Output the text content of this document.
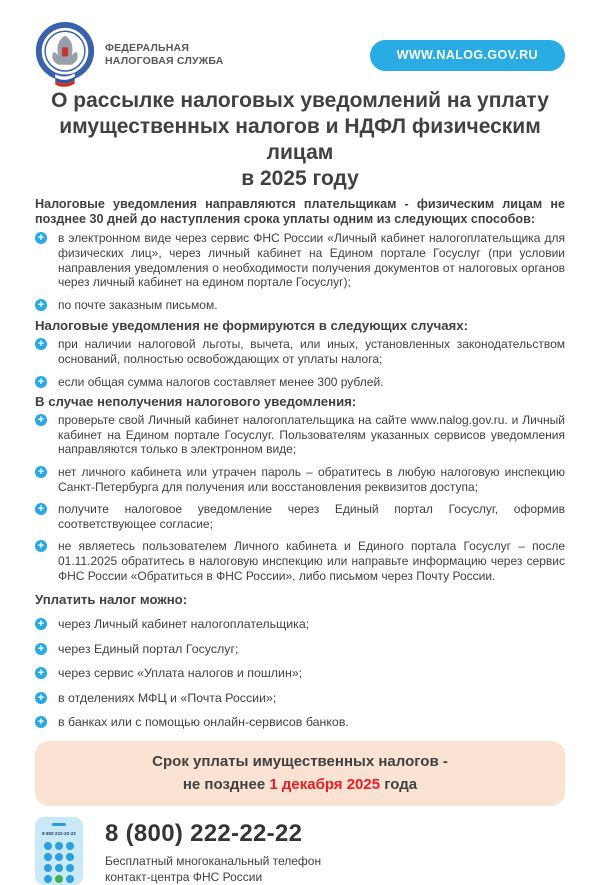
ФЕДЕРАЛЬНАЯ
НАЛОГОВАЯ СЛУЖБА	WWW.NALOG.GOV.RU
О рассылке налоговых уведомлений на уплату
имущественных налогов и НДФЛ физическим лицам
в 2025 году

Налоговые уведомления направляются плательщикам - физическим лицам не позднее 30 дней до наступления срока уплаты одним из следующих способов:

+
в электронном виде через сервис ФНС России «Личный кабинет налогоплательщика для физических лиц», через личный кабинет на Едином портале Госуслуг (при условии направления уведомления о необходимости получения документов от налоговых органов через личный кабинет на едином портале Госуслуг);
+
по почте заказным письмом.
Налоговые уведомления не формируются в следующих случаях:
+
при наличии налоговой льготы, вычета, или иных, установленных законодательством оснований, полностью освобождающих от уплаты налога;
+
если общая сумма налогов составляет менее 300 рублей.
В случае неполучения налогового уведомления:
+
проверьте свой Личный кабинет налогоплательщика на сайте www.nalog.gov.ru. и Личный кабинет на Едином портале Госуслуг. Пользователям указанных сервисов уведомления направляются только в электронном виде;
+
нет личного кабинета или утрачен пароль – обратитесь в любую налоговую инспекцию Санкт-Петербурга для получения или восстановления реквизитов доступа;
+
получите налоговое уведомление через Единый портал Госуслуг, оформив соответствующее согласие;
+
не являетесь пользователем Личного кабинета и Единого портала Госуслуг – после 01.11.2025 обратитесь в налоговую инспекцию или направьте информацию через сервис ФНС России «Обратиться в ФНС России», либо письмом через Почту России.
Уплатить налог можно:
+
через Личный кабинет налогоплательщика;
+
через Единый портал Госуслуг;
+
через сервис «Уплата налогов и пошлин»;
+
в отделениях МФЦ и «Почта России»;
+
в банках или с помощью онлайн-сервисов банков.
Срок уплаты имущественных налогов -
не позднее 1 декабря 2025 года
8 800 222-22-22 8 (800) 222-22-22
Бесплатный многоканальный телефон
контакт-центра ФНС России
